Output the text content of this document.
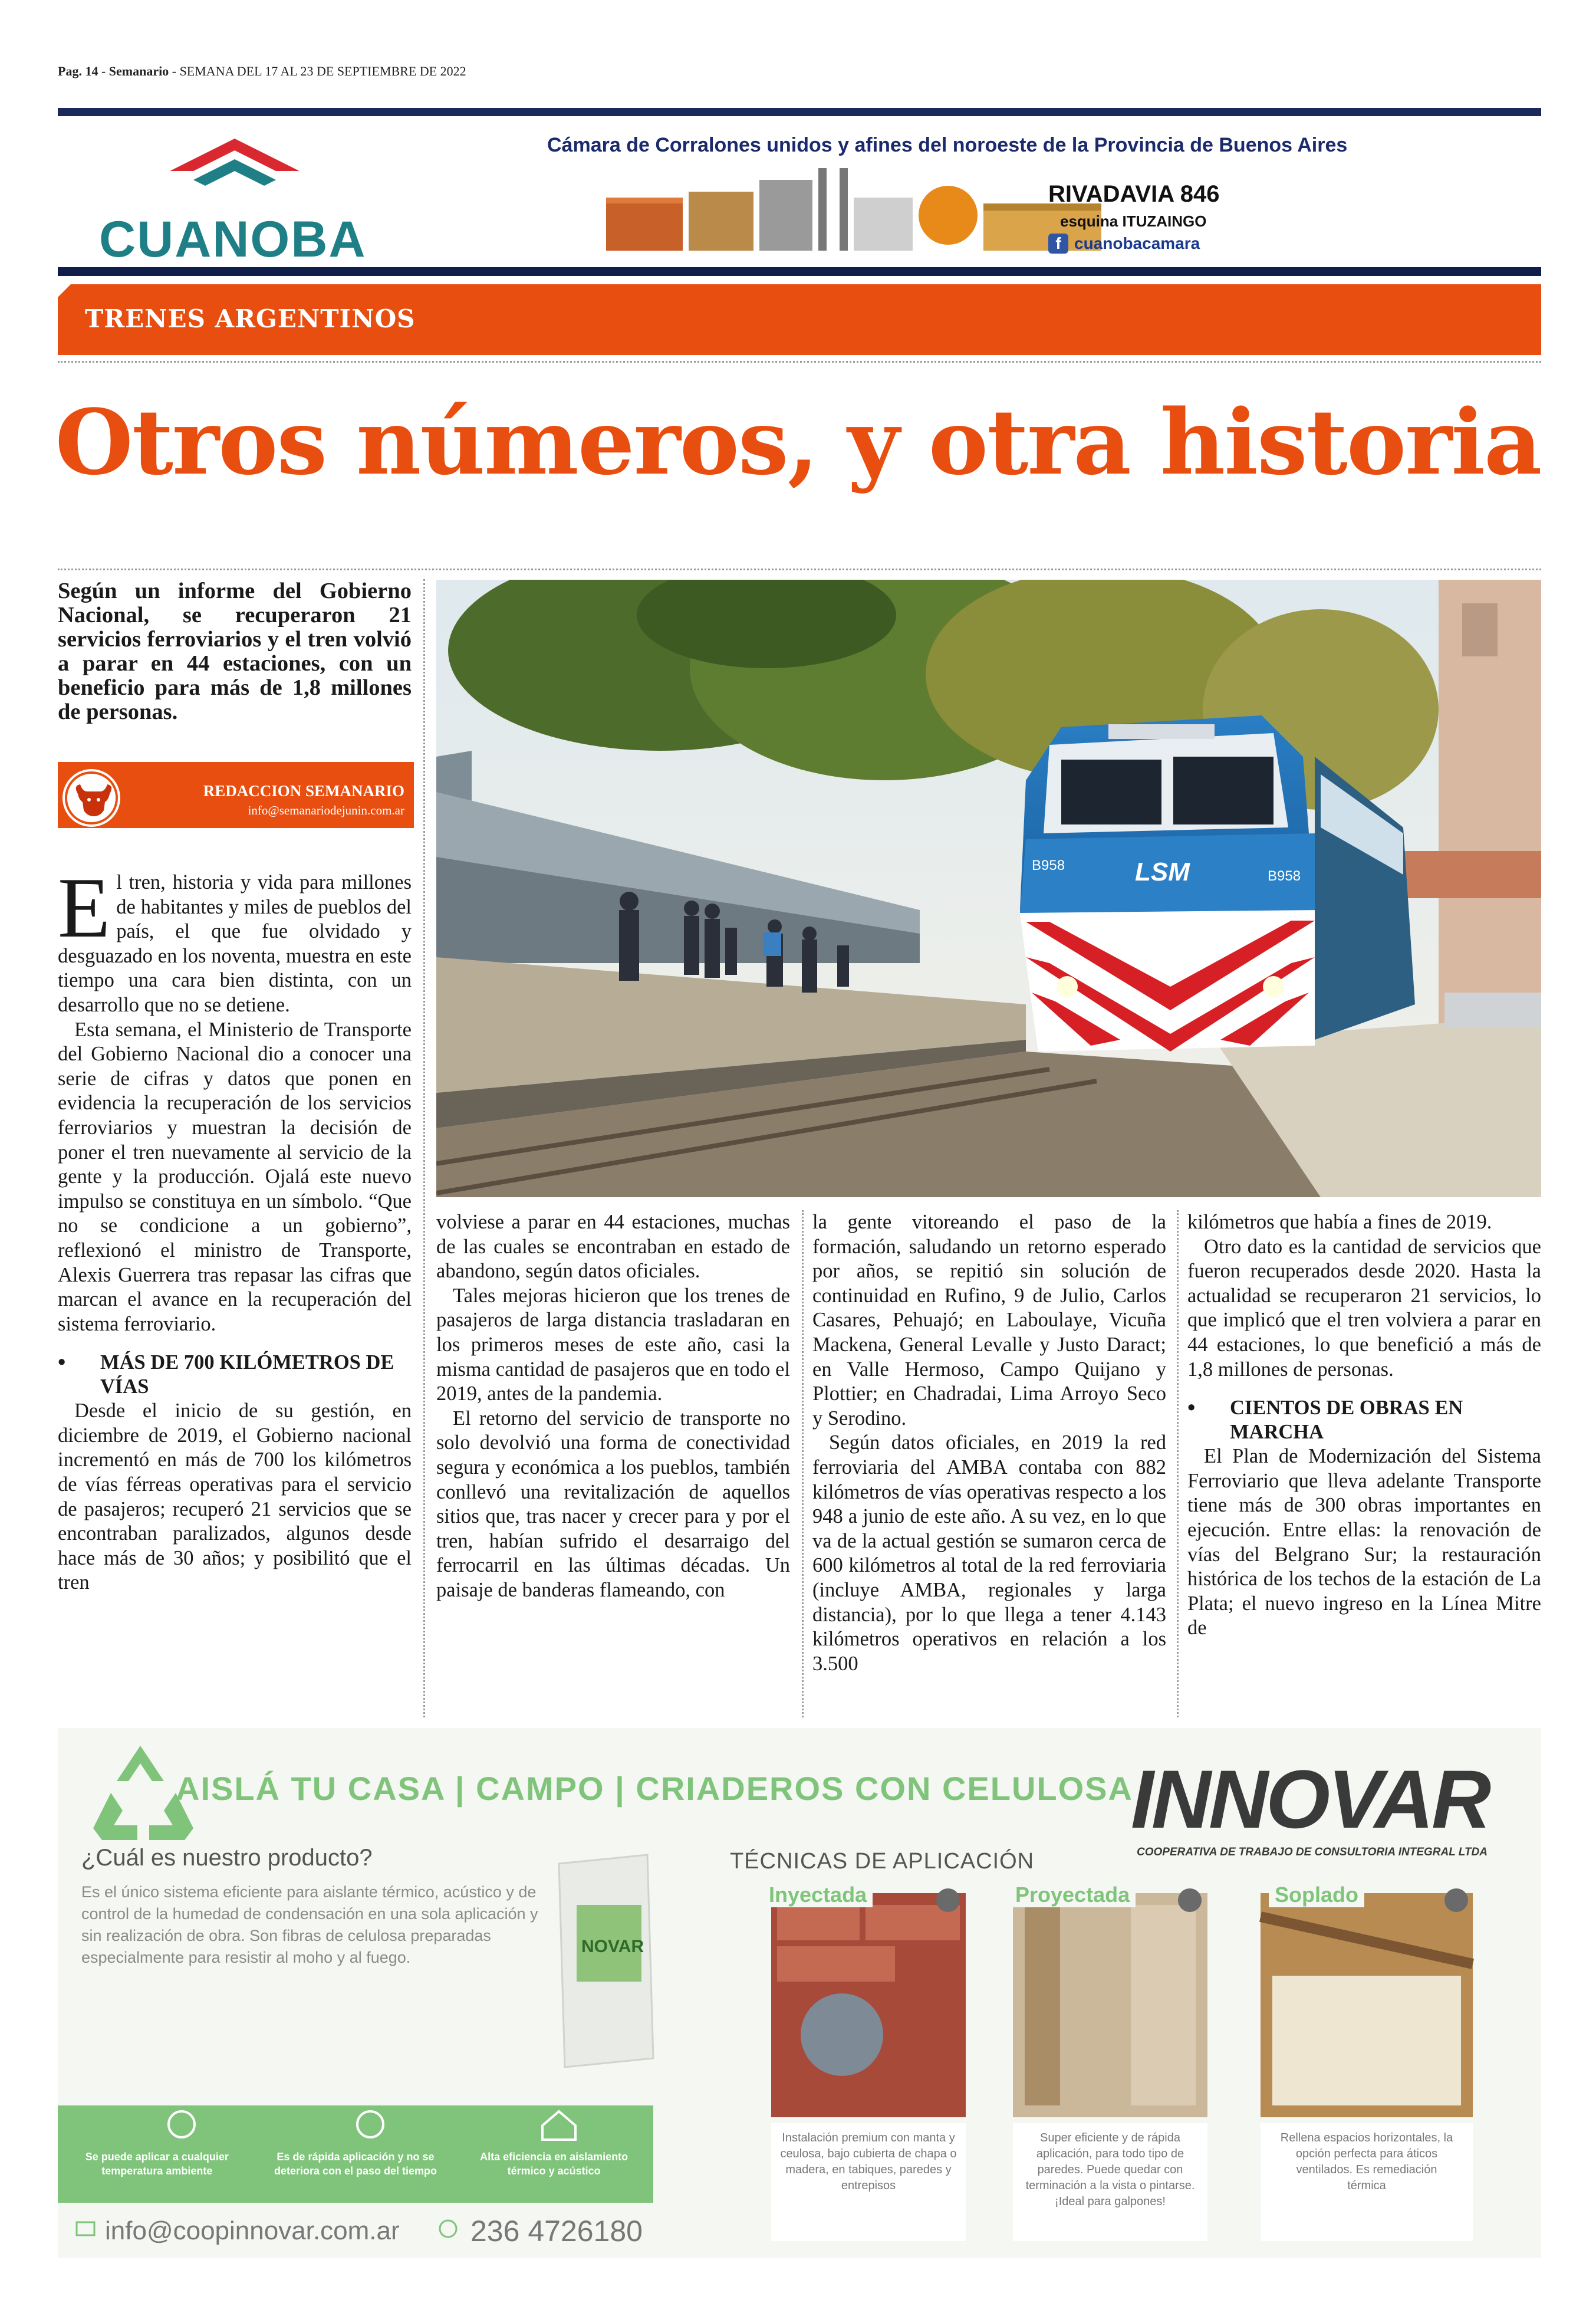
Pag. 14 - Semanario - SEMANA DEL 17 AL 23 DE SEPTIEMBRE DE 2022
CUANOBA
Cámara de Corralones unidos y afines del noroeste de la Provincia de Buenos Aires
RIVADAVIA 846
esquina ITUZAINGO
f cuanobacamara
TRENES ARGENTINOS
Otros números, y otra historia
Según un informe del Gobierno Nacional, se recuperaron 21 servicios ferroviarios y el tren volvió a parar en 44 estaciones, con un beneficio para más de 1,8 millones de personas.
REDACCION SEMANARIO
info@semanariodejunin.com.ar

El tren, historia y vida para millones de habitantes y miles de pueblos del país, el que fue olvidado y desguazado en los noventa, muestra en este tiempo una cara bien distinta, con un desarrollo que no se detiene.

Esta semana, el Ministerio de Transporte del Gobierno Nacional dio a conocer una serie de cifras y datos que ponen en evidencia la recuperación de los servicios ferroviarios y muestran la decisión de poner el tren nuevamente al servicio de la gente y la producción. Ojalá este nuevo impulso se constituya en un símbolo. “Que no se condicione a un gobierno”, reflexionó el ministro de Transporte, Alexis Guerrera tras repasar las cifras que marcan el avance en la recuperación del sistema ferroviario.

• MÁS DE 700 KILÓMETROS DE VÍAS

Desde el inicio de su gestión, en diciembre de 2019, el Gobierno nacional incrementó en más de 700 los kilómetros de vías férreas operativas para el servicio de pasajeros; recuperó 21 servicios que se encontraban paralizados, algunos desde hace más de 30 años; y posibilitó que el tren

LSM
B958
B958

volviese a parar en 44 estaciones, muchas de las cuales se encontraban en estado de abandono, según datos oficiales.

Tales mejoras hicieron que los trenes de pasajeros de larga distancia trasladaran en los primeros meses de este año, casi la misma cantidad de pasajeros que en todo el 2019, antes de la pandemia.

El retorno del servicio de transporte no solo devolvió una forma de conectividad segura y económica a los pueblos, también conllevó una revitalización de aquellos sitios que, tras nacer y crecer para y por el tren, habían sufrido el desarraigo del ferrocarril en las últimas décadas. Un paisaje de banderas flameando, con

la gente vitoreando el paso de la formación, saludando un retorno esperado por años, se repitió sin solución de continuidad en Rufino, 9 de Julio, Carlos Casares, Pehuajó; en Laboulaye, Vicuña Mackena, General Levalle y Justo Daract; en Valle Hermoso, Campo Quijano y Plottier; en Chadradai, Lima Arroyo Seco y Serodino.

Según datos oficiales, en 2019 la red ferroviaria del AMBA contaba con 882 kilómetros de vías operativas respecto a los 948 a junio de este año. A su vez, en lo que va de la actual gestión se sumaron cerca de 600 kilómetros al total de la red ferroviaria (incluye AMBA, regionales y larga distancia), por lo que llega a tener 4.143 kilómetros operativos en relación a los 3.500

kilómetros que había a fines de 2019.

Otro dato es la cantidad de servicios que fueron recuperados desde 2020. Hasta la actualidad se recuperaron 21 servicios, lo que implicó que el tren volviera a parar en 44 estaciones, lo que benefició a más de 1,8 millones de personas.

• CIENTOS DE OBRAS EN MARCHA

El Plan de Modernización del Sistema Ferroviario que lleva adelante Transporte tiene más de 300 obras importantes en ejecución. Entre ellas: la renovación de vías del Belgrano Sur; la restauración histórica de los techos de la estación de La Plata; el nuevo ingreso en la Línea Mitre de

NOVAR
AISLÁ TU CASA | CAMPO | CRIADEROS CON CELULOSA
INNOVAR
COOPERATIVA DE TRABAJO DE CONSULTORIA INTEGRAL LTDA
¿Cuál es nuestro producto?
Es el único sistema eficiente para aislante térmico, acústico y de control de la humedad de condensación en una sola aplicación y sin realización de obra. Son fibras de celulosa preparadas especialmente para resistir al moho y al fuego.
Se puede aplicar a cualquier temperatura ambiente
Es de rápida aplicación y no se deteriora con el paso del tiempo
Alta eficiencia en aislamiento térmico y acústico
TÉCNICAS DE APLICACIÓN
Inyectada	Proyectada	Soplado
Instalación premium con manta y ceulosa, bajo cubierta de chapa o madera, en tabiques, paredes y entrepisos
Super eficiente y de rápida aplicación, para todo tipo de paredes. Puede quedar con terminación a la vista o pintarse. ¡Ideal para galpones!
Rellena espacios horizontales, la opción perfecta para áticos ventilados. Es remediación térmica
info@coopinnovar.com.ar 236 4726180
